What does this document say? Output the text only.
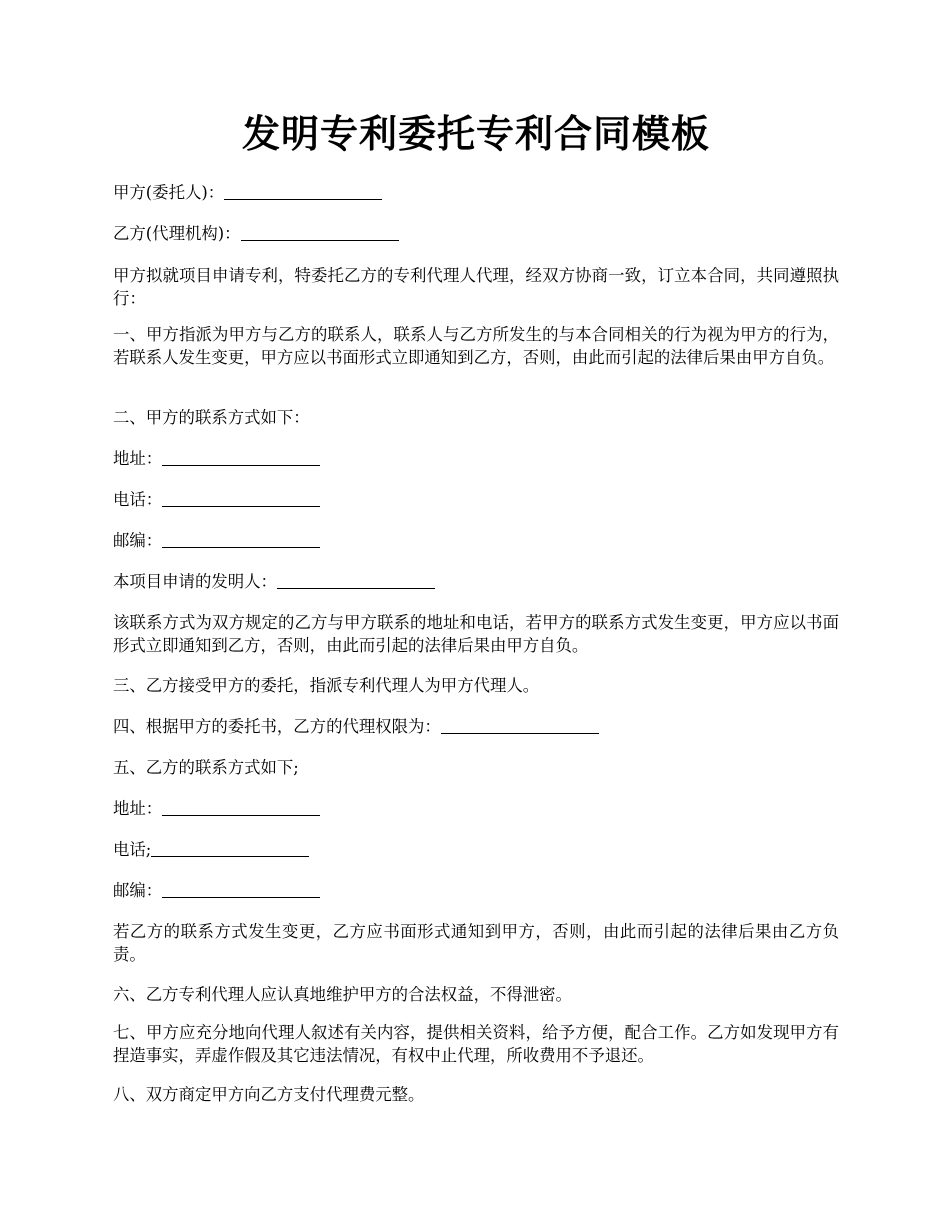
发明专利委托专利合同模板
甲方(委托人)：
乙方(代理机构)：
甲方拟就项目申请专利，特委托乙方的专利代理人代理，经双方协商一致，订立本合同，共同遵照执行：
一、甲方指派为甲方与乙方的联系人，联系人与乙方所发生的与本合同相关的行为视为甲方的行为，若联系人发生变更，甲方应以书面形式立即通知到乙方，否则，由此而引起的法律后果由甲方自负。
二、甲方的联系方式如下：
地址：
电话：
邮编：
本项目申请的发明人：
该联系方式为双方规定的乙方与甲方联系的地址和电话，若甲方的联系方式发生变更，甲方应以书面形式立即通知到乙方，否则，由此而引起的法律后果由甲方自负。
三、乙方接受甲方的委托，指派专利代理人为甲方代理人。
四、根据甲方的委托书，乙方的代理权限为：
五、乙方的联系方式如下;
地址：
电话;
邮编：
若乙方的联系方式发生变更，乙方应书面形式通知到甲方，否则，由此而引起的法律后果由乙方负责。
六、乙方专利代理人应认真地维护甲方的合法权益，不得泄密。
七、甲方应充分地向代理人叙述有关内容，提供相关资料，给予方便，配合工作。乙方如发现甲方有捏造事实，弄虚作假及其它违法情况，有权中止代理，所收费用不予退还。
八、双方商定甲方向乙方支付代理费元整。
